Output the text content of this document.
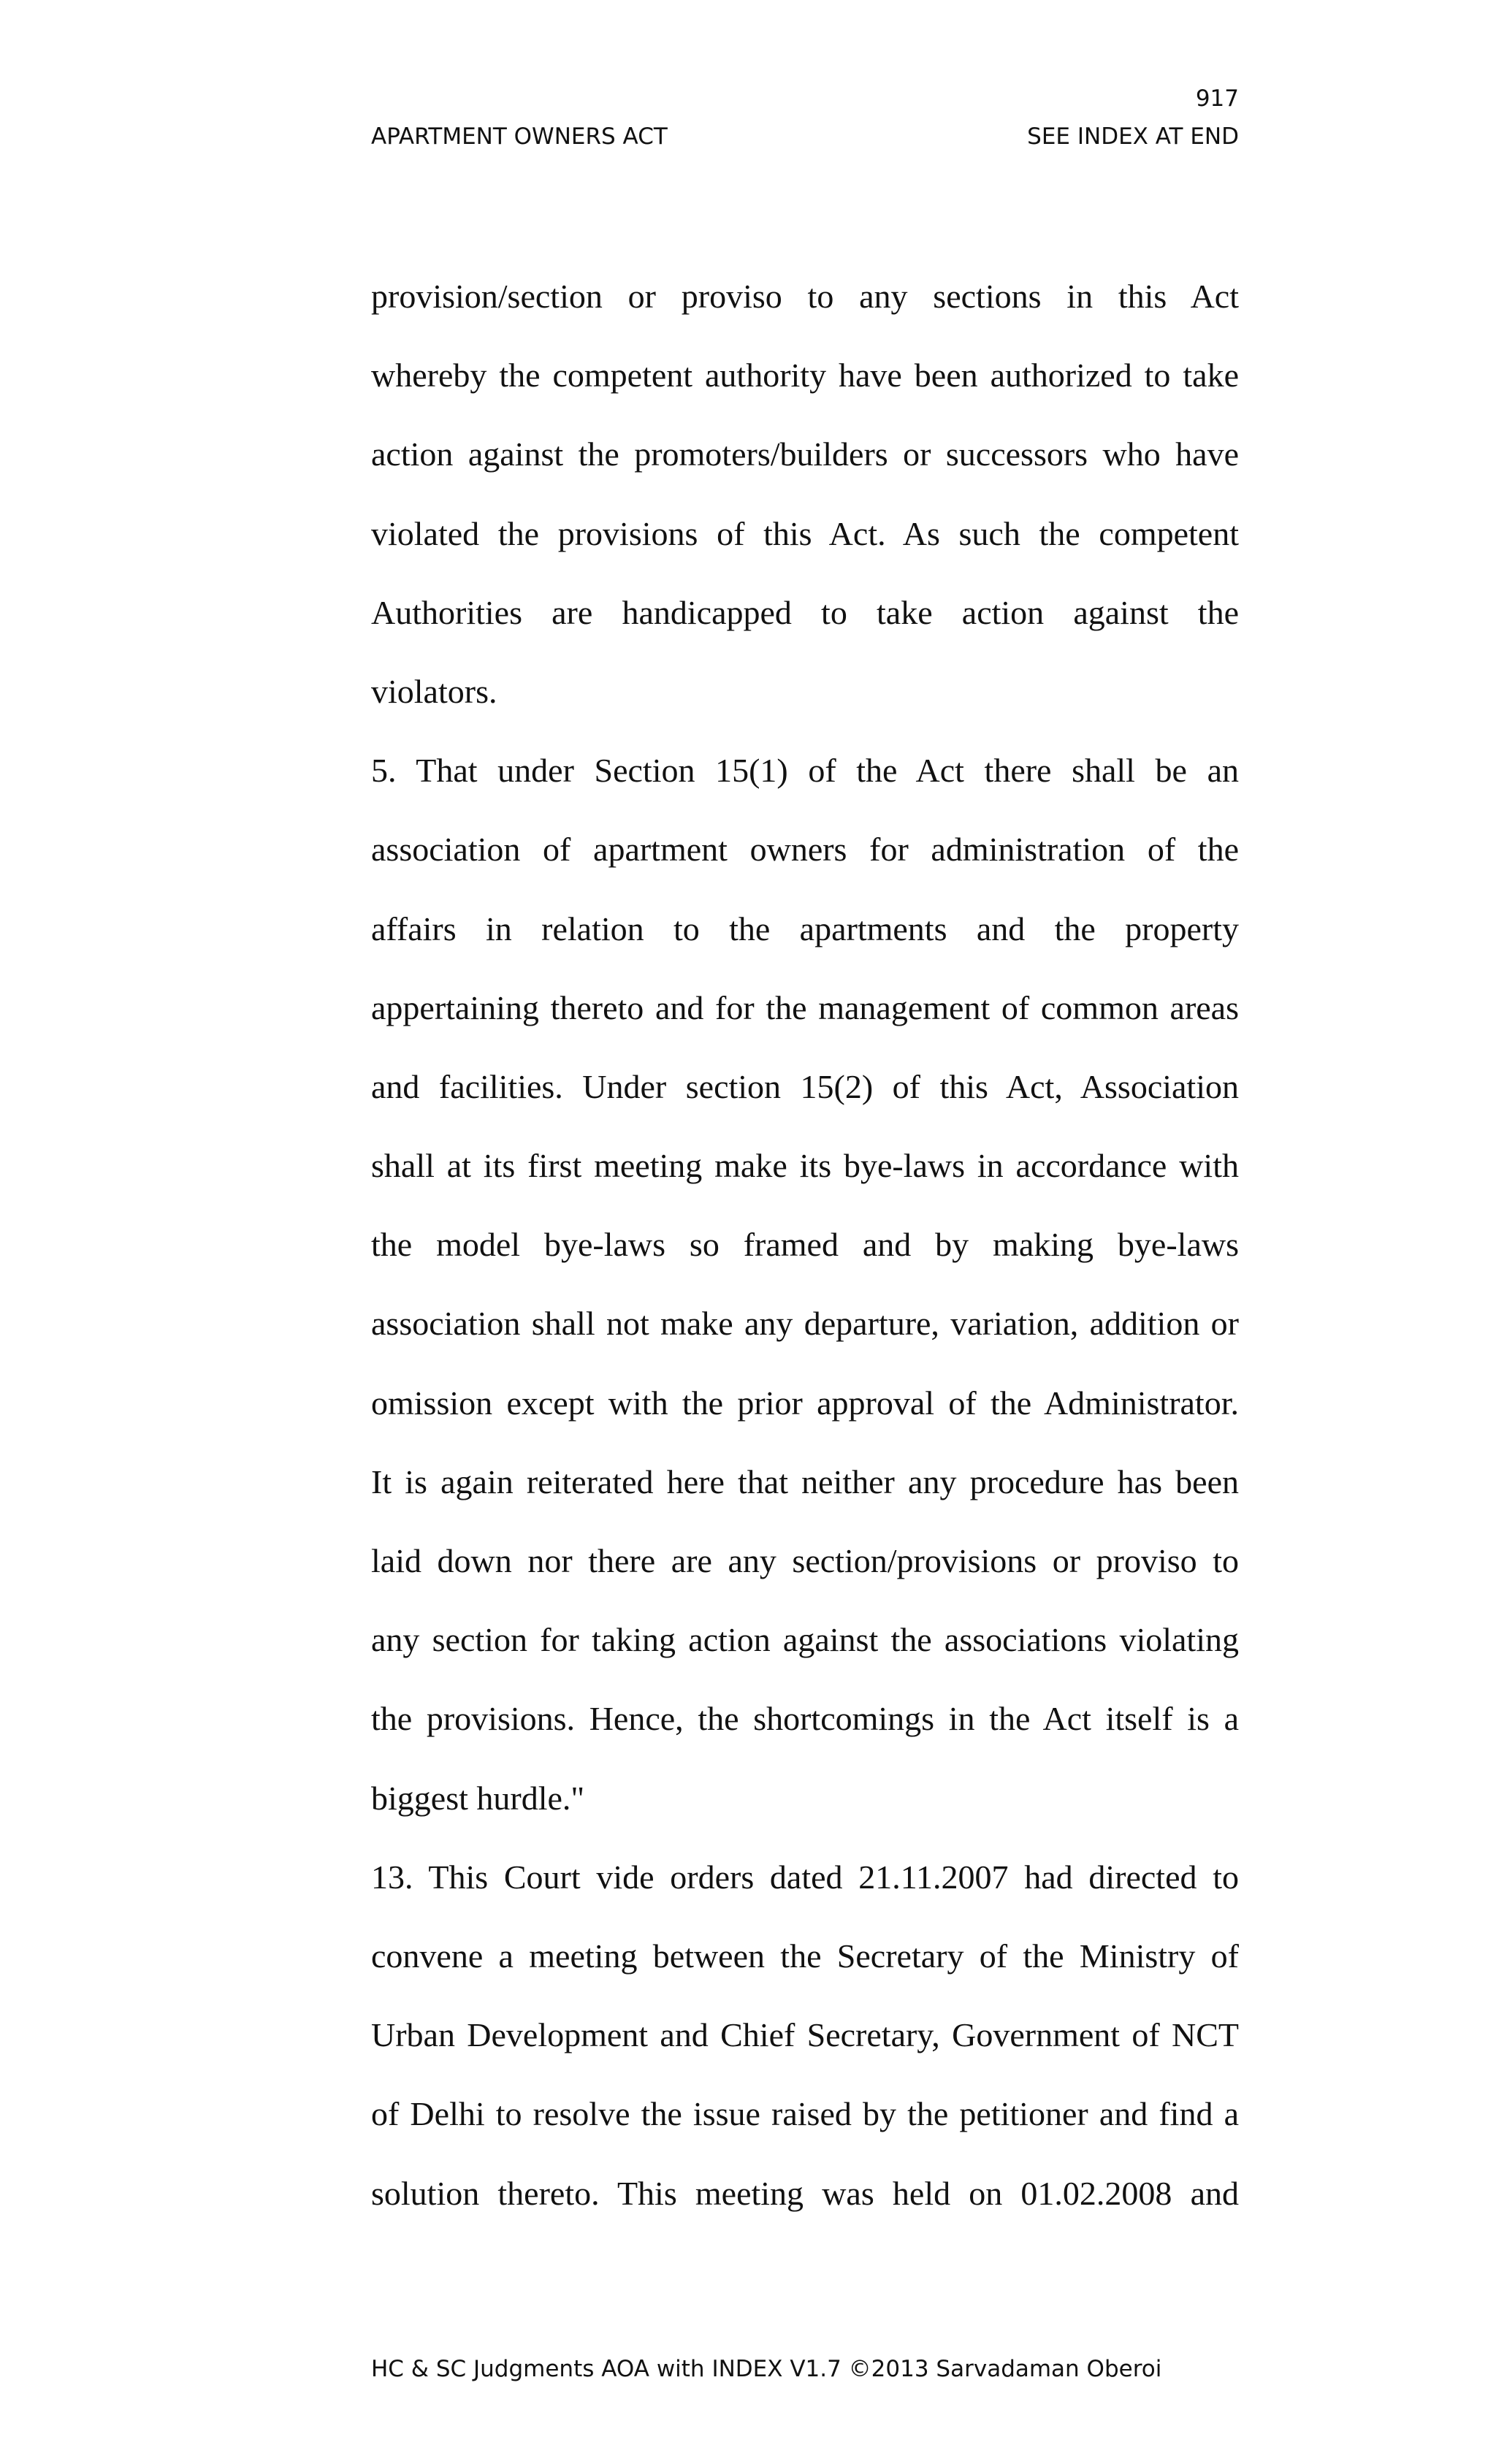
917
APARTMENT OWNERS ACT	SEE INDEX AT END
provision/section or proviso to any sections in this Act
whereby the competent authority have been authorized to take
action against the promoters/builders or successors who have
violated the provisions of this Act. As such the competent
Authorities are handicapped to take action against the
violators.
5. That under Section 15(1) of the Act there shall be an
association of apartment owners for administration of the
affairs in relation to the apartments and the property
appertaining thereto and for the management of common areas
and facilities. Under section 15(2) of this Act, Association
shall at its first meeting make its bye-laws in accordance with
the model bye-laws so framed and by making bye-laws
association shall not make any departure, variation, addition or
omission except with the prior approval of the Administrator.
It is again reiterated here that neither any procedure has been
laid down nor there are any section/provisions or proviso to
any section for taking action against the associations violating
the provisions. Hence, the shortcomings in the Act itself is a
biggest hurdle."
13. This Court vide orders dated 21.11.2007 had directed to
convene a meeting between the Secretary of the Ministry of
Urban Development and Chief Secretary, Government of NCT
of Delhi to resolve the issue raised by the petitioner and find a
solution thereto. This meeting was held on 01.02.2008 and
HC & SC Judgments AOA with INDEX V1.7 ©2013 Sarvadaman Oberoi
